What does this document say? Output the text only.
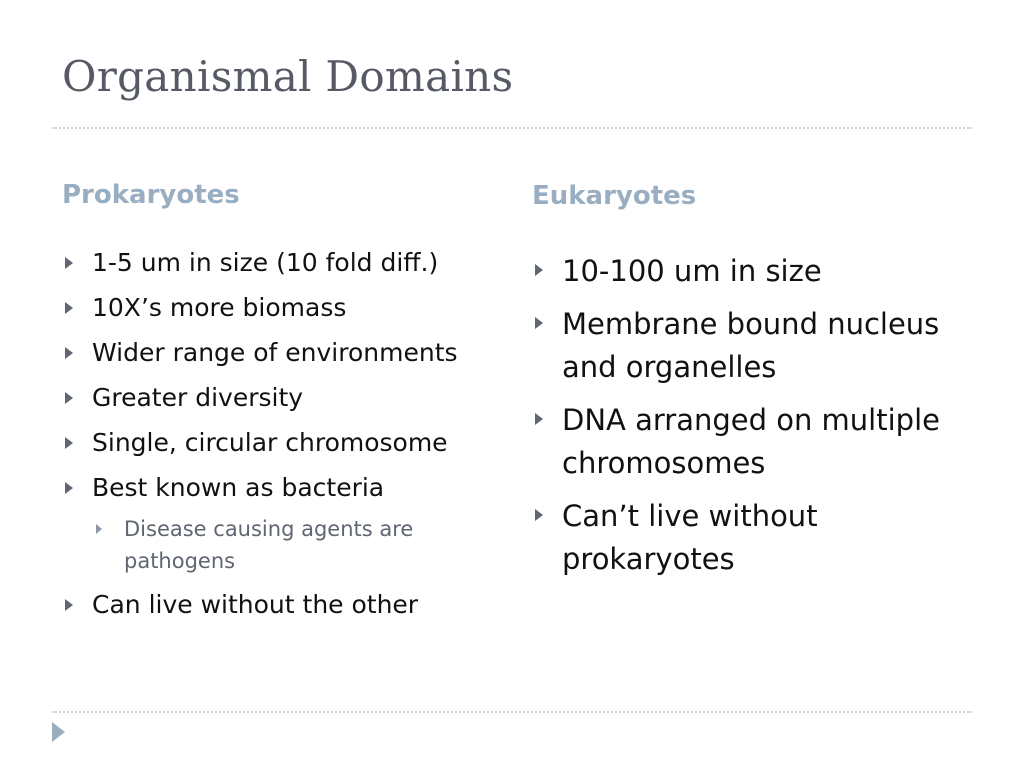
Organismal Domains
Prokaryotes	Eukaryotes
1-5 um in size (10 fold diff.)
10X’s more biomass
Wider range of environments
Greater diversity
Single, circular chromosome
Best known as bacteria
Disease causing agents are pathogens
Can live without the other
10-100 um in size
Membrane bound nucleus and organelles
DNA arranged on multiple chromosomes
Can’t live without prokaryotes
